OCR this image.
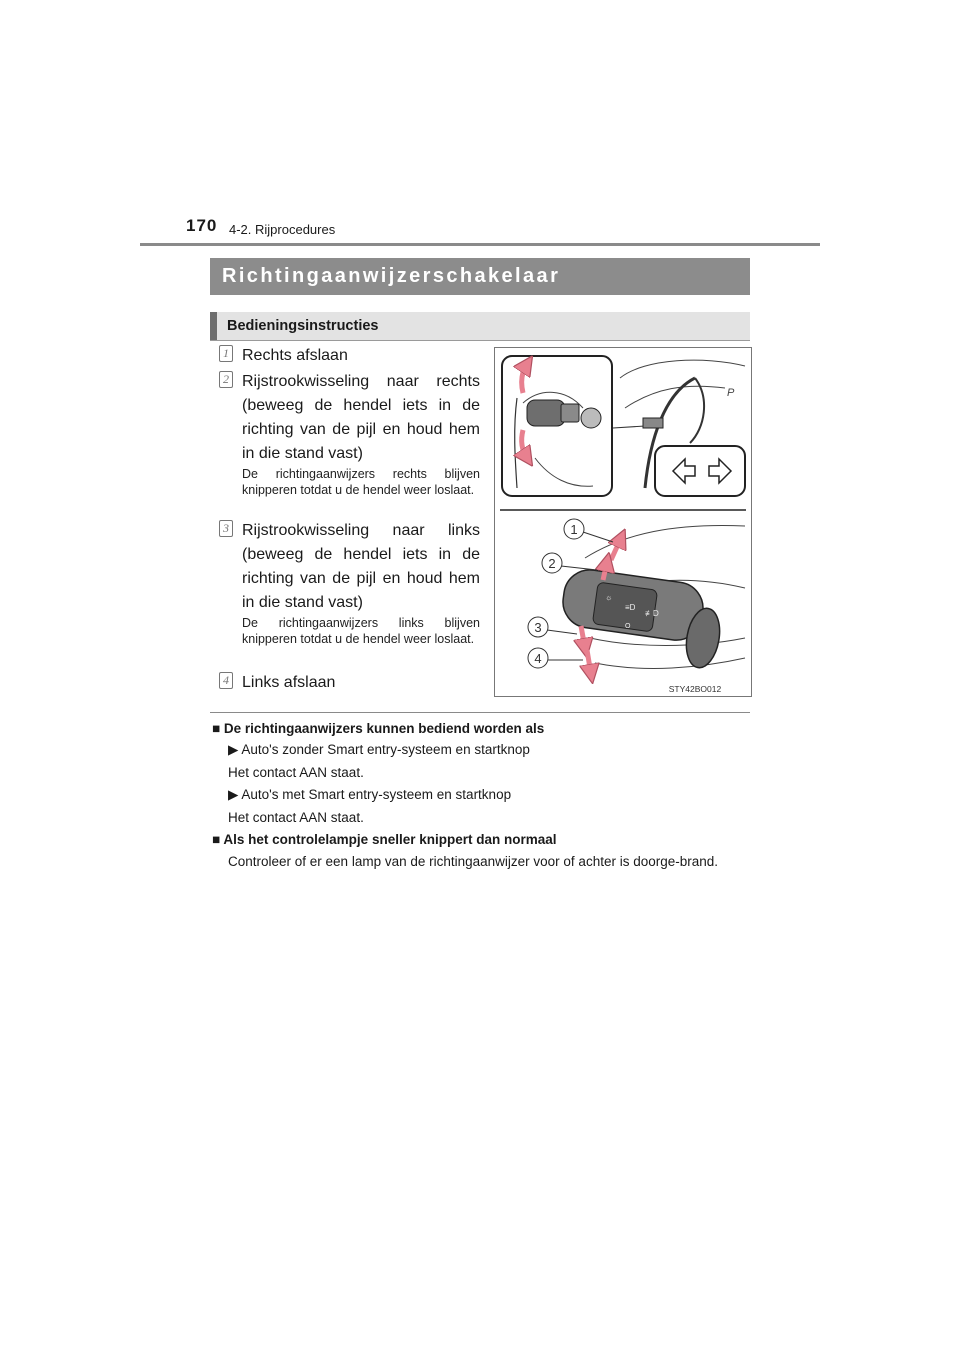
170 4-2. Rijprocedures
Richtingaanwijzerschakelaar
Bedieningsinstructies
1 Rechts afslaan
2 Rijstrookwisseling naar rechts (beweeg de hendel iets in de richting van de pijl en houd hem in die stand vast)
De richtingaanwijzers rechts blijven knipperen totdat u de hendel weer loslaat.
3 Rijstrookwisseling naar links (beweeg de hendel iets in de richting van de pijl en houd hem in die stand vast)
De richtingaanwijzers links blijven knipperen totdat u de hendel weer loslaat.
4 Links afslaan
P
☼
≡D
≢D
O
1
2
3
4
STY42BO012
■ De richtingaanwijzers kunnen bediend worden als
▶ Auto's zonder Smart entry-systeem en startknop
Het contact AAN staat.
▶ Auto's met Smart entry-systeem en startknop
Het contact AAN staat.
■ Als het controlelampje sneller knippert dan normaal
Controleer of er een lamp van de richtingaanwijzer voor of achter is doorge-brand.
